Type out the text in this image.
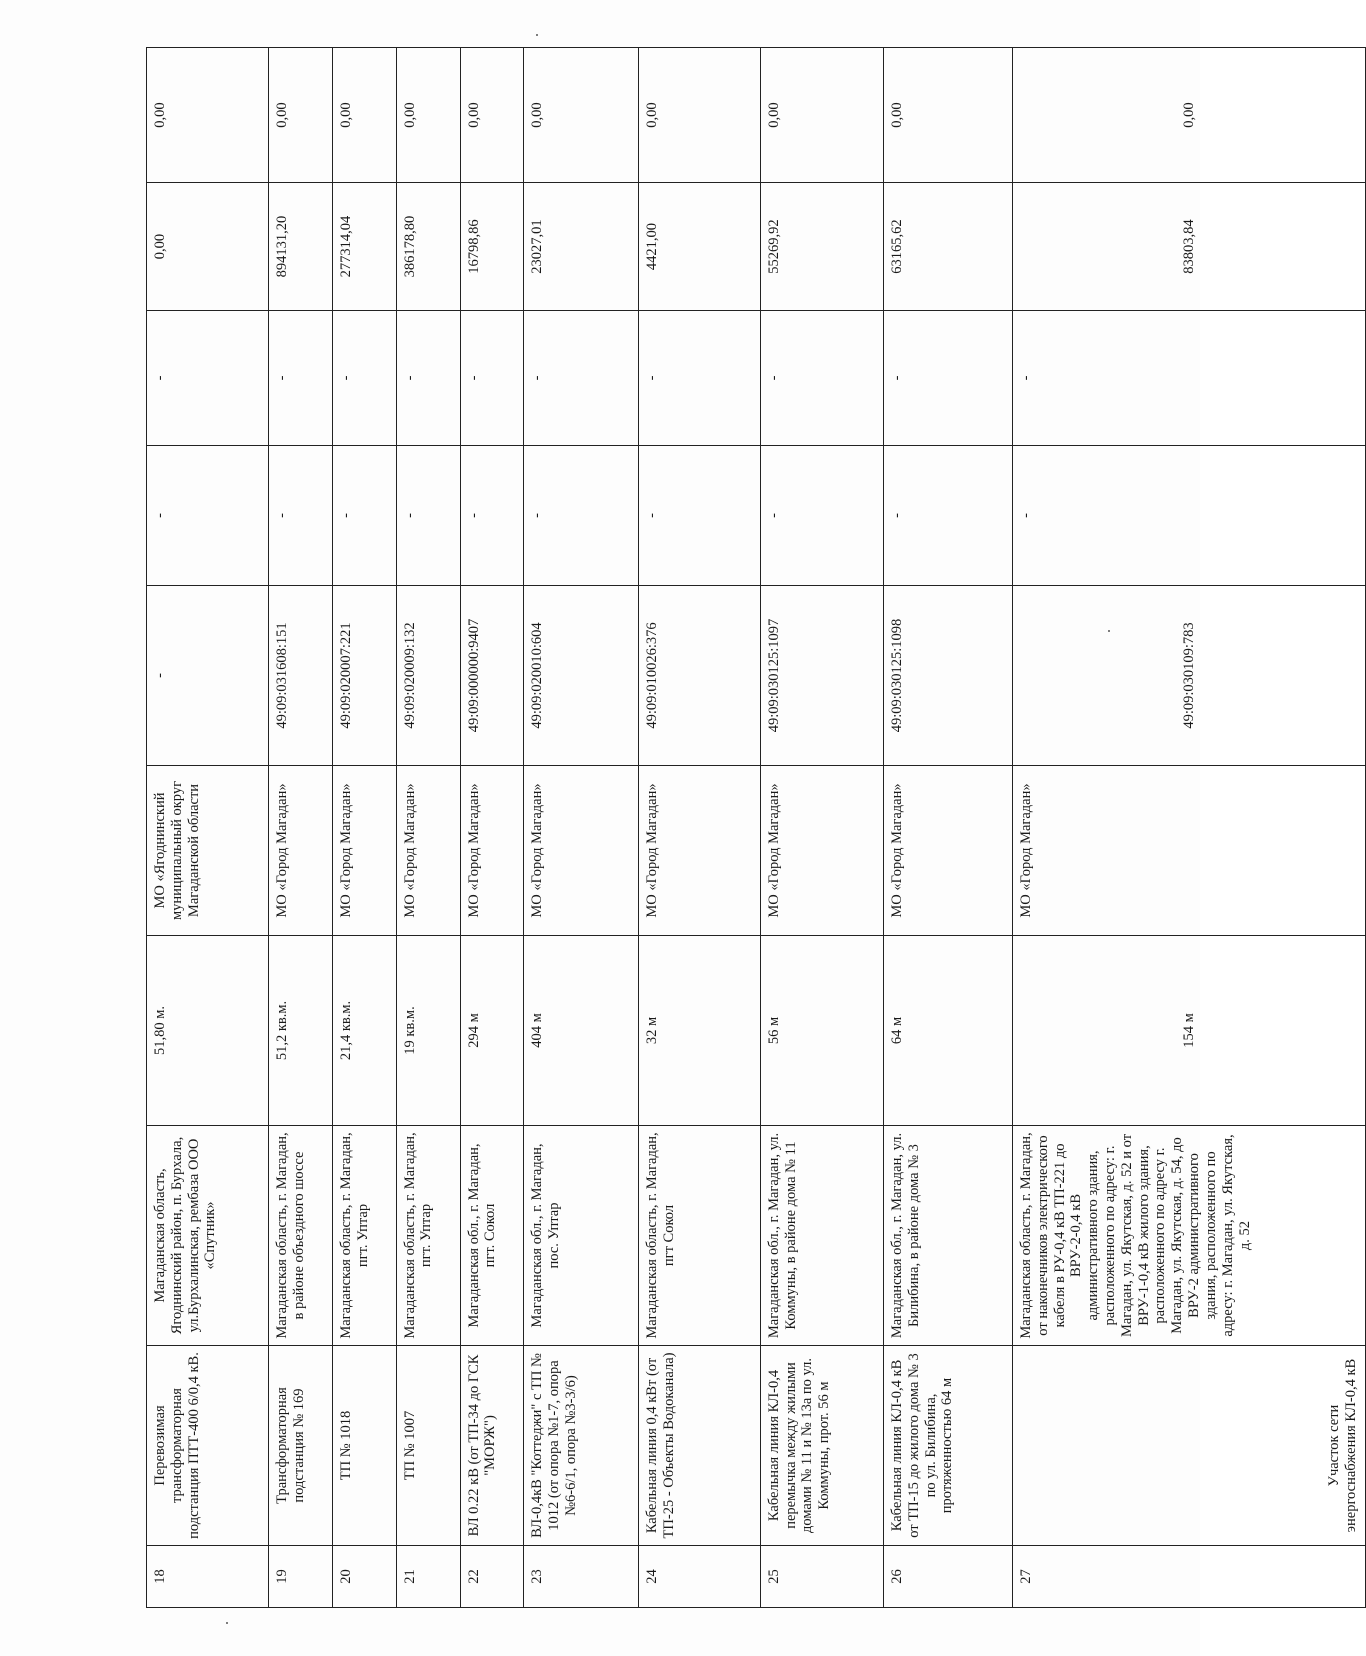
18	Перевозимая трансформаторная подстанция ПТТ-400 6/0,4 кВ.	Магаданская область, Ягоднинский район, п. Бурхала, ул.Бурхалинская, рембаза ООО «Спутник»	51,80 м.	МО «Ягоднинский муниципальный округ Магаданской области	-	-	-	0,00	0,00
19	Трансформаторная подстанция № 169	Магаданская область, г. Магадан, в районе объездного шоссе	51,2 кв.м.	МО «Город Магадан»	49:09:031608:151	-	-	894131,20	0,00
20	ТП № 1018	Магаданская область, г. Магадан, пгт. Уптар	21,4 кв.м.	МО «Город Магадан»	49:09:020007:221	-	-	277314,04	0,00
21	ТП № 1007	Магаданская область, г. Магадан, пгт. Уптар	19 кв.м.	МО «Город Магадан»	49:09:020009:132	-	-	386178,80	0,00
22	ВЛ 0.22 кВ (от ТП-34 до ГСК "МОРЖ")	Магаданская обл., г. Магадан, пгт. Сокол	294 м	МО «Город Магадан»	49:09:000000:9407	-	-	16798,86	0,00
23	ВЛ-0,4кВ "Коттеджи" с ТП № 1012 (от опора №1-7, опора №6-6/1, опора №3-3/6)	Магаданская обл., г. Магадан, пос. Уптар	404 м	МО «Город Магадан»	49:09:020010:604	-	-	23027,01	0,00
24	Кабельная линия 0,4 кВт (от ТП-25 - Объекты Водоканала)	Магаданская область, г. Магадан, пгт Сокол	32 м	МО «Город Магадан»	49:09:010026:376	-	-	4421,00	0,00
25	Кабельная линия КЛ-0,4 перемычка между жилыми домами № 11 и № 13а по ул. Коммуны, прот. 56 м	Магаданская обл., г. Магадан, ул. Коммуны, в районе дома № 11	56 м	МО «Город Магадан»	49:09:030125:1097	-	-	55269,92	0,00
26	Кабельная линия КЛ-0,4 кВ от ТП-15 до жилого дома № 3 по ул. Билибина, протяженностью 64 м	Магаданская обл., г. Магадан, ул. Билибина, в районе дома № 3	64 м	МО «Город Магадан»	49:09:030125:1098	-	-	63165,62	0,00
27	Участок сети энергоснабжения КЛ-0,4 кВ	Магаданская область, г. Магадан, от наконечников электрического кабеля в РУ-0,4 кВ ТП-221 до ВРУ-2-0,4 кВ административного здания, расположенного по адресу: г. Магадан, ул. Якутская, д. 52 и от ВРУ-1-0,4 кВ жилого здания, расположенного по адресу г. Магадан, ул. Якутская, д. 54, до ВРУ-2 административного здания, расположенного по адресу: г. Магадан, ул. Якутская, д. 52	154 м	МО «Город Магадан»	49:09:030109:783	-	-	83803,84	0,00
